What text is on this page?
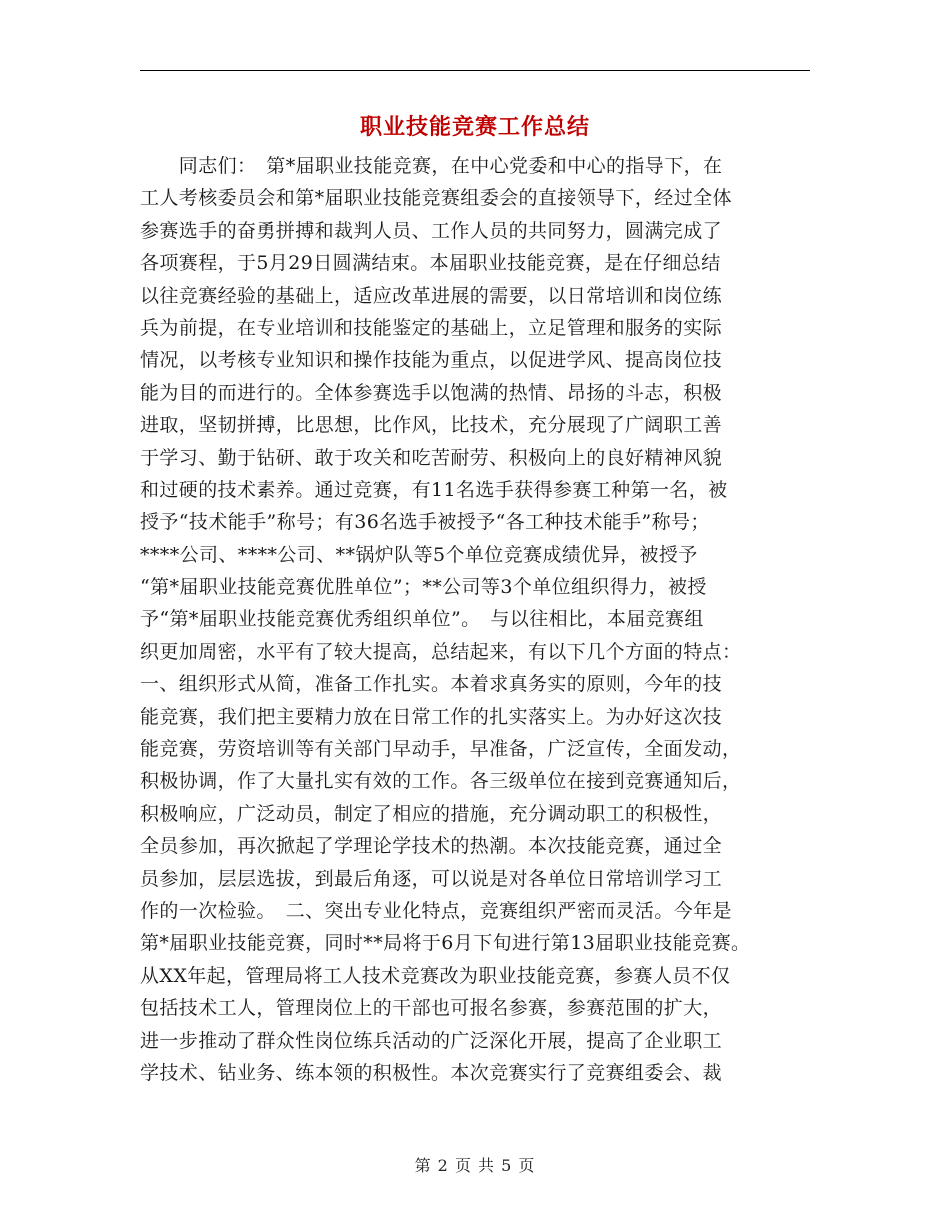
职业技能竞赛工作总结
　　同志们：　第*届职业技能竞赛，在中心党委和中心的指导下，在
工人考核委员会和第*届职业技能竞赛组委会的直接领导下，经过全体
参赛选手的奋勇拼搏和裁判人员、工作人员的共同努力，圆满完成了
各项赛程，于5月29日圆满结束。本届职业技能竞赛，是在仔细总结
以往竞赛经验的基础上，适应改革进展的需要，以日常培训和岗位练
兵为前提，在专业培训和技能鉴定的基础上，立足管理和服务的实际
情况，以考核专业知识和操作技能为重点，以促进学风、提高岗位技
能为目的而进行的。全体参赛选手以饱满的热情、昂扬的斗志，积极
进取，坚韧拼搏，比思想，比作风，比技术，充分展现了广阔职工善
于学习、勤于钻研、敢于攻关和吃苦耐劳、积极向上的良好精神风貌
和过硬的技术素养。通过竞赛，有11名选手获得参赛工种第一名，被
授予“技术能手”称号；有36名选手被授予“各工种技术能手”称号；
****公司、****公司、**锅炉队等5个单位竞赛成绩优异，被授予
“第*届职业技能竞赛优胜单位”；**公司等3个单位组织得力，被授
予“第*届职业技能竞赛优秀组织单位”。　与以往相比，本届竞赛组
织更加周密，水平有了较大提高，总结起来，有以下几个方面的特点：
一、组织形式从简，准备工作扎实。本着求真务实的原则，今年的技
能竞赛，我们把主要精力放在日常工作的扎实落实上。为办好这次技
能竞赛，劳资培训等有关部门早动手，早准备，广泛宣传，全面发动，
积极协调，作了大量扎实有效的工作。各三级单位在接到竞赛通知后，
积极响应，广泛动员，制定了相应的措施，充分调动职工的积极性，
全员参加，再次掀起了学理论学技术的热潮。本次技能竞赛，通过全
员参加，层层选拔，到最后角逐，可以说是对各单位日常培训学习工
作的一次检验。　二、突出专业化特点，竞赛组织严密而灵活。今年是
第*届职业技能竞赛，同时**局将于6月下旬进行第13届职业技能竞赛。
从XX年起，管理局将工人技术竞赛改为职业技能竞赛，参赛人员不仅
包括技术工人，管理岗位上的干部也可报名参赛，参赛范围的扩大，
进一步推动了群众性岗位练兵活动的广泛深化开展，提高了企业职工
学技术、钻业务、练本领的积极性。本次竞赛实行了竞赛组委会、裁
第 2 页 共 5 页
